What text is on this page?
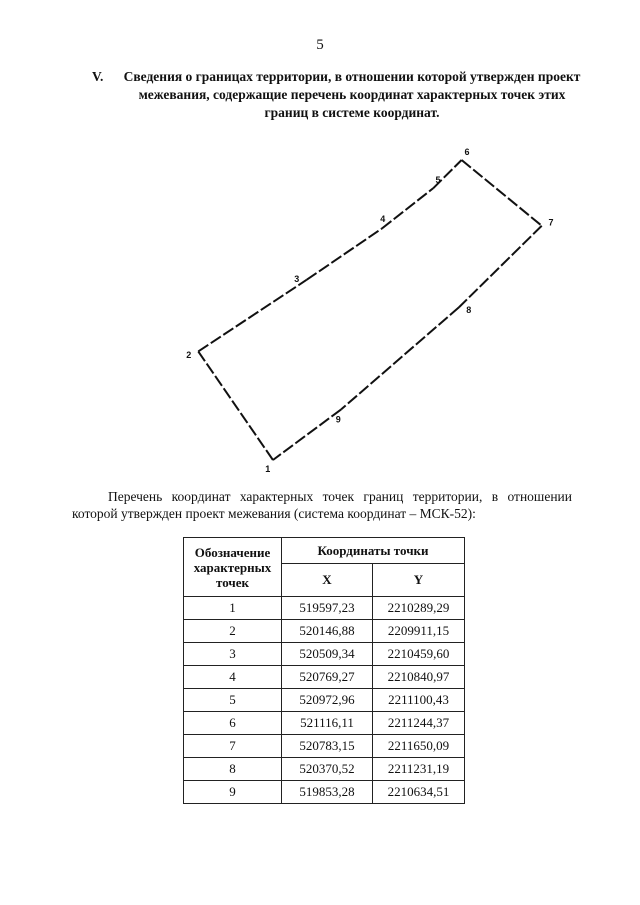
5
V. Сведения о границах территории, в отношении которой утвержден проект межевания, содержащие перечень координат характерных точек этих границ в системе координат.
1
2
3
4
5
6
7
8
9
Перечень координат характерных точек границ территории, в отношении которой утвержден проект межевания (система координат – МСК-52):
Обозначение характерных точек	Координаты точки	
	X	Y
1	519597,23	2210289,29
2	520146,88	2209911,15
3	520509,34	2210459,60
4	520769,27	2210840,97
5	520972,96	2211100,43
6	521116,11	2211244,37
7	520783,15	2211650,09
8	520370,52	2211231,19
9	519853,28	2210634,51
